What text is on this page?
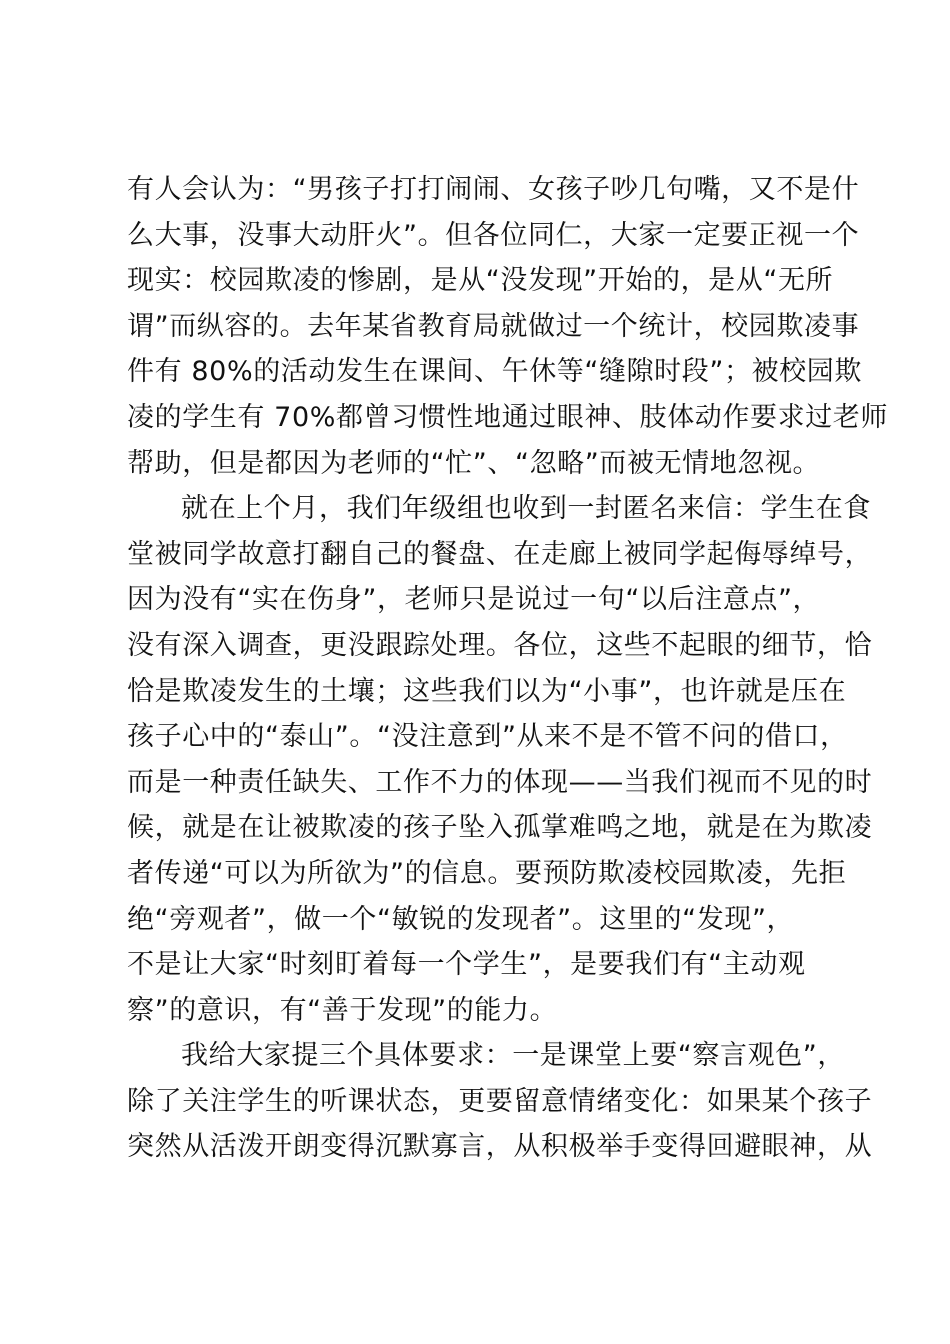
有人会认为：“男孩子打打闹闹、女孩子吵几句嘴，又不是什
么大事，没事大动肝火”。但各位同仁，大家一定要正视一个
现实：校园欺凌的惨剧，是从“没发现”开始的，是从“无所
谓”而纵容的。去年某省教育局就做过一个统计，校园欺凌事
件有 80%的活动发生在课间、午休等“缝隙时段”；被校园欺
凌的学生有 70%都曾习惯性地通过眼神、肢体动作要求过老师
帮助，但是都因为老师的“忙”、“忽略”而被无情地忽视。
就在上个月，我们年级组也收到一封匿名来信：学生在食
堂被同学故意打翻自己的餐盘、在走廊上被同学起侮辱绰号，
因为没有“实在伤身”，老师只是说过一句“以后注意点”，
没有深入调查，更没跟踪处理。各位，这些不起眼的细节，恰
恰是欺凌发生的土壤；这些我们以为“小事”，也许就是压在
孩子心中的“泰山”。“没注意到”从来不是不管不问的借口，
而是一种责任缺失、工作不力的体现——当我们视而不见的时
候，就是在让被欺凌的孩子坠入孤掌难鸣之地，就是在为欺凌
者传递“可以为所欲为”的信息。要预防欺凌校园欺凌，先拒
绝“旁观者”，做一个“敏锐的发现者”。这里的“发现”，
不是让大家“时刻盯着每一个学生”，是要我们有“主动观
察”的意识，有“善于发现”的能力。
我给大家提三个具体要求：一是课堂上要“察言观色”，
除了关注学生的听课状态，更要留意情绪变化：如果某个孩子
突然从活泼开朗变得沉默寡言，从积极举手变得回避眼神，从
